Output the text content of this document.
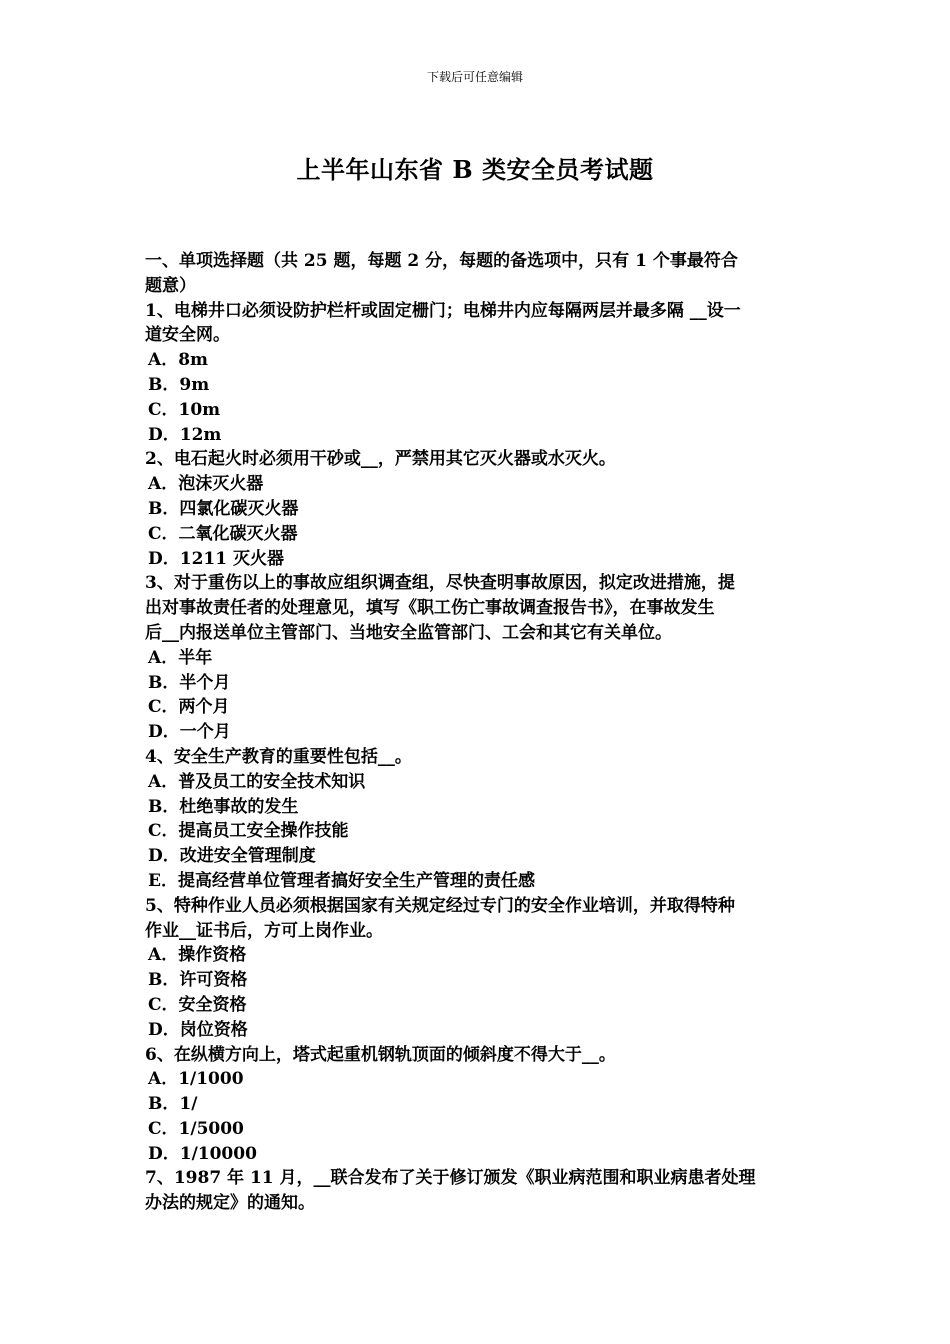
下载后可任意编辑
上半年山东省 B 类安全员考试题
一、单项选择题（共 25 题，每题 2 分，每题的备选项中，只有 1 个事最符合
题意）
1、电梯井口必须设防护栏杆或固定栅门；电梯井内应每隔两层并最多隔 __设一
道安全网。
A．8m
B．9m
C．10m
D．12m
2、电石起火时必须用干砂或__，严禁用其它灭火器或水灭火。
A．泡沫灭火器
B．四氯化碳灭火器
C．二氧化碳灭火器
D．1211 灭火器
3、对于重伤以上的事故应组织调查组，尽快查明事故原因，拟定改进措施，提
出对事故责任者的处理意见，填写《职工伤亡事故调查报告书》，在事故发生
后__内报送单位主管部门、当地安全监管部门、工会和其它有关单位。
A．半年
B．半个月
C．两个月
D．一个月
4、安全生产教育的重要性包括__。
A．普及员工的安全技术知识
B．杜绝事故的发生
C．提高员工安全操作技能
D．改进安全管理制度
E．提高经营单位管理者搞好安全生产管理的责任感
5、特种作业人员必须根据国家有关规定经过专门的安全作业培训，并取得特种
作业__证书后，方可上岗作业。
A．操作资格
B．许可资格
C．安全资格
D．岗位资格
6、在纵横方向上，塔式起重机钢轨顶面的倾斜度不得大于__。
A．1/1000
B．1/
C．1/5000
D．1/10000
7、1987 年 11 月，__联合发布了关于修订颁发《职业病范围和职业病患者处理
办法的规定》的通知。
